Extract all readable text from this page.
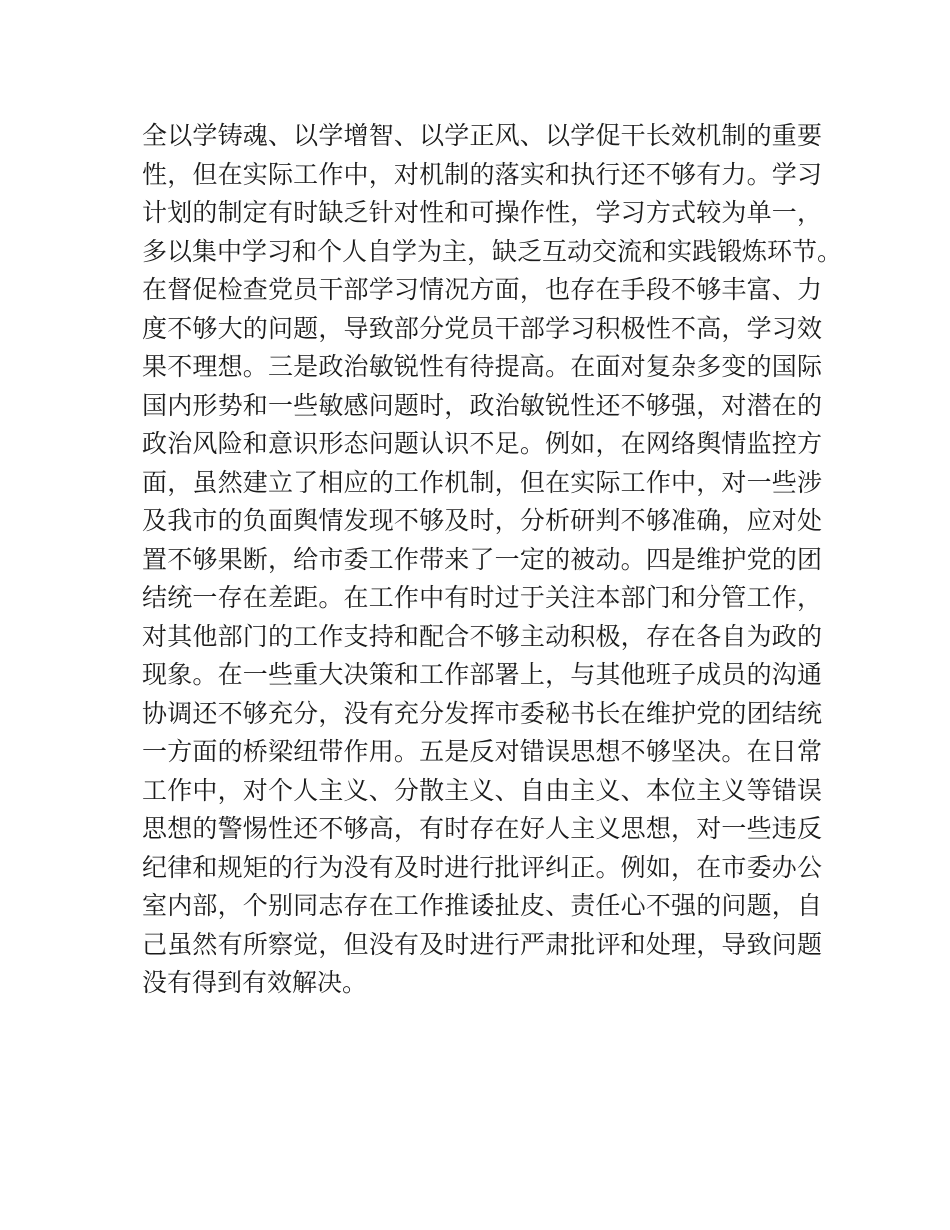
全以学铸魂、以学增智、以学正风、以学促干长效机制的重要
性，但在实际工作中，对机制的落实和执行还不够有力。学习
计划的制定有时缺乏针对性和可操作性，学习方式较为单一，
多以集中学习和个人自学为主，缺乏互动交流和实践锻炼环节。
在督促检查党员干部学习情况方面，也存在手段不够丰富、力
度不够大的问题，导致部分党员干部学习积极性不高，学习效
果不理想。三是政治敏锐性有待提高。在面对复杂多变的国际
国内形势和一些敏感问题时，政治敏锐性还不够强，对潜在的
政治风险和意识形态问题认识不足。例如，在网络舆情监控方
面，虽然建立了相应的工作机制，但在实际工作中，对一些涉
及我市的负面舆情发现不够及时，分析研判不够准确，应对处
置不够果断，给市委工作带来了一定的被动。四是维护党的团
结统一存在差距。在工作中有时过于关注本部门和分管工作，
对其他部门的工作支持和配合不够主动积极，存在各自为政的
现象。在一些重大决策和工作部署上，与其他班子成员的沟通
协调还不够充分，没有充分发挥市委秘书长在维护党的团结统
一方面的桥梁纽带作用。五是反对错误思想不够坚决。在日常
工作中，对个人主义、分散主义、自由主义、本位主义等错误
思想的警惕性还不够高，有时存在好人主义思想，对一些违反
纪律和规矩的行为没有及时进行批评纠正。例如，在市委办公
室内部，个别同志存在工作推诿扯皮、责任心不强的问题，自
己虽然有所察觉，但没有及时进行严肃批评和处理，导致问题
没有得到有效解决。
